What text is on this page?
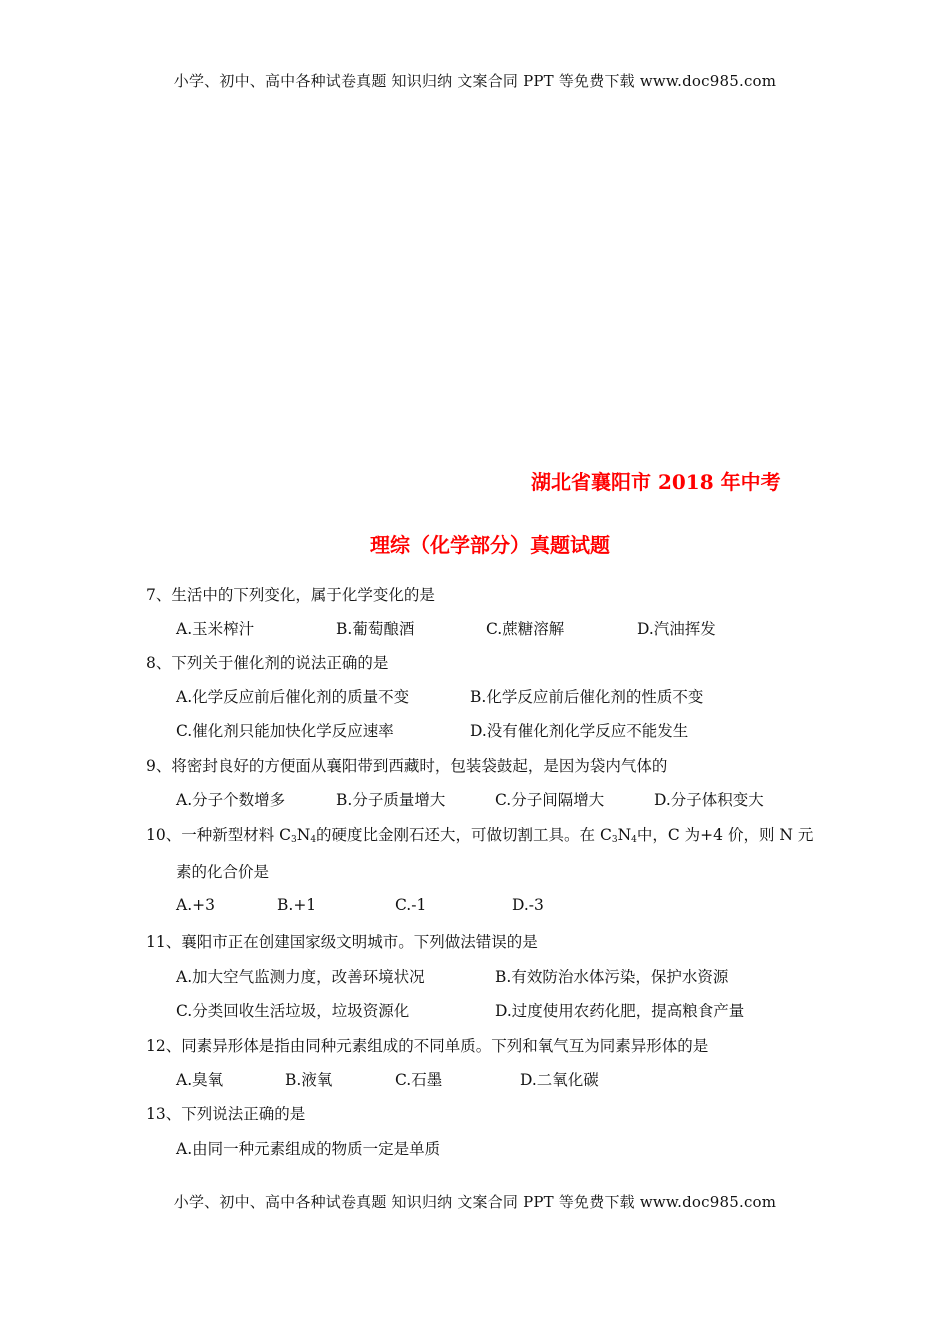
小学、初中、高中各种试卷真题 知识归纳 文案合同 PPT 等免费下载 www.doc985.com
湖北省襄阳市 2018 年中考
理综（化学部分）真题试题
7、生活中的下列变化，属于化学变化的是
A.玉米榨汁	B.葡萄酿酒	C.蔗糖溶解	D.汽油挥发
8、下列关于催化剂的说法正确的是
A.化学反应前后催化剂的质量不变	B.化学反应前后催化剂的性质不变
C.催化剂只能加快化学反应速率	D.没有催化剂化学反应不能发生
9、将密封良好的方便面从襄阳带到西藏时，包装袋鼓起，是因为袋内气体的
A.分子个数增多	B.分子质量增大	C.分子间隔增大	D.分子体积变大
10、一种新型材料 $C_3N_4$的硬度比金刚石还大，可做切割工具。在 $C_3N_4$中，C 为+4 价，则 N 元
素的化合价是
A.+3	B.+1	C.-1	D.-3
11、襄阳市正在创建国家级文明城市。下列做法错误的是
A.加大空气监测力度，改善环境状况	B.有效防治水体污染，保护水资源
C.分类回收生活垃圾，垃圾资源化	D.过度使用农药化肥，提高粮食产量
12、同素异形体是指由同种元素组成的不同单质。下列和氧气互为同素异形体的是
A.臭氧	B.液氧	C.石墨	D.二氧化碳
13、下列说法正确的是
A.由同一种元素组成的物质一定是单质
小学、初中、高中各种试卷真题 知识归纳 文案合同 PPT 等免费下载 www.doc985.com
